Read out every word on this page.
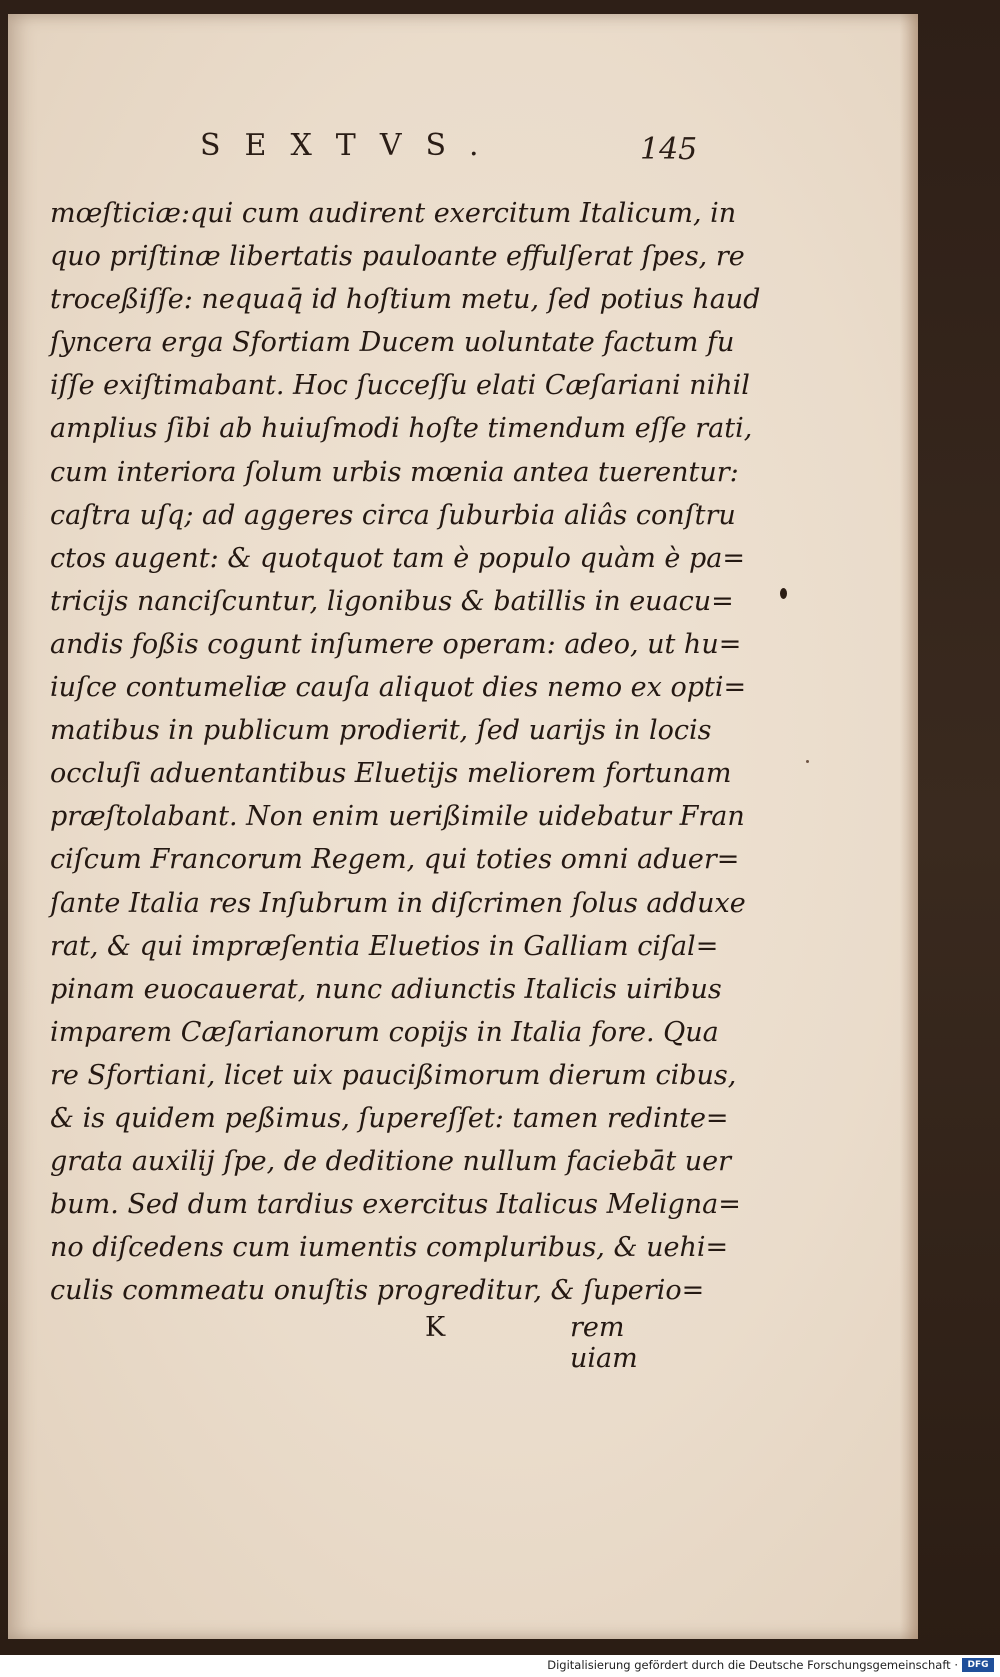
SEXTVS.	145
mœſticiæ:qui cum audirent exercitum Italicum, in
quo priſtinæ libertatis pauloante effulſerat ſpes, re
troceßiſſe: nequaq̄ id hoſtium metu, ſed potius haud
ſyncera erga Sfortiam Ducem uoluntate factum fu
iſſe exiſtimabant. Hoc ſucceſſu elati Cæſariani nihil
amplius ſibi ab huiuſmodi hoſte timendum eſſe rati,
cum interiora ſolum urbis mœnia antea tuerentur:
caſtra uſq; ad aggeres circa ſuburbia aliâs conſtru
ctos augent: & quotquot tam è populo quàm è pa=
tricijs nanciſcuntur, ligonibus & batillis in euacu=
andis foßis cogunt inſumere operam: adeo, ut hu=
iuſce contumeliæ cauſa aliquot dies nemo ex opti=
matibus in publicum prodierit, ſed uarijs in locis
occluſi aduentantibus Eluetijs meliorem fortunam
præſtolabant. Non enim uerißimile uidebatur Fran
ciſcum Francorum Regem, qui toties omni aduer=
ſante Italia res Inſubrum in diſcrimen ſolus adduxe
rat, & qui impræſentia Eluetios in Galliam ciſal=
pinam euocauerat, nunc adiunctis Italicis uiribus
imparem Cæſarianorum copijs in Italia fore. Qua
re Sfortiani, licet uix paucißimorum dierum cibus,
& is quidem peßimus, ſupereſſet: tamen redinte=
grata auxilij ſpe, de deditione nullum faciebāt uer
bum. Sed dum tardius exercitus Italicus Meligna=
no diſcedens cum iumentis compluribus, & uehi=
culis commeatu onuſtis progreditur, & ſuperio=
K	rem uiam
Digitalisierung gefördert durch die Deutsche Forschungsgemeinschaft ·	DFG
